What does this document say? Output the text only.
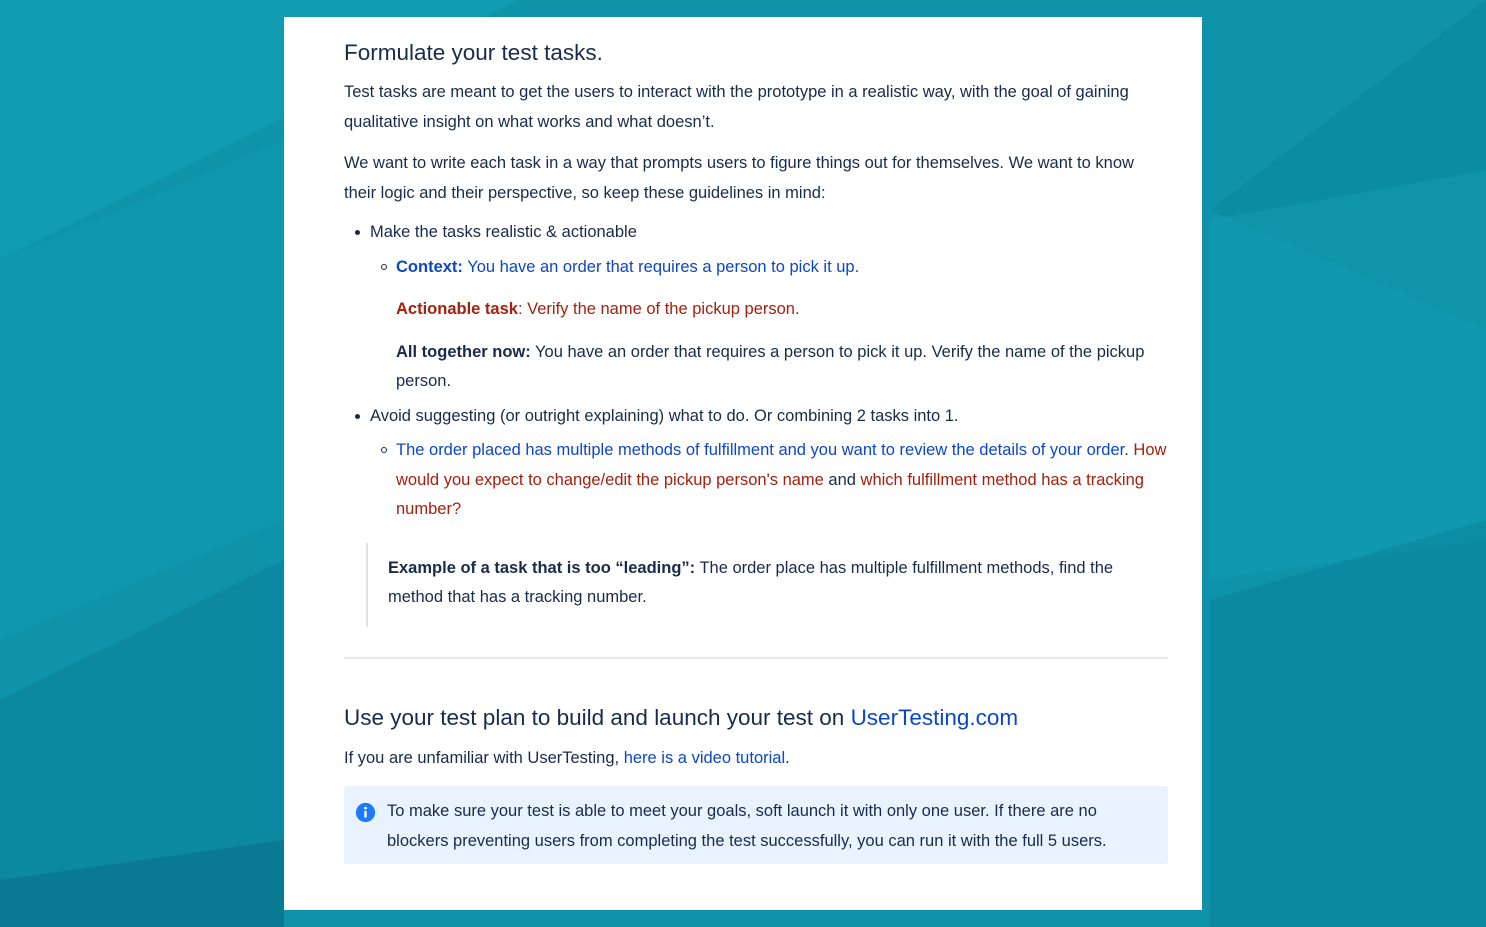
Formulate your test tasks.

Test tasks are meant to get the users to interact with the prototype in a realistic way, with the goal of gaining qualitative insight on what works and what doesn’t.

We want to write each task in a way that prompts users to figure things out for themselves. We want to know their logic and their perspective, so keep these guidelines in mind:

Make the tasks realistic & actionable

Context: You have an order that requires a person to pick it up.

Actionable task: Verify the name of the pickup person.

All together now: You have an order that requires a person to pick it up. Verify the name of the pickup person.

Avoid suggesting (or outright explaining) what to do. Or combining 2 tasks into 1.

The order placed has multiple methods of fulfillment and you want to review the details of your order. How would you expect to change/edit the pickup person's name and which fulfillment method has a tracking number?

Example of a task that is too “leading”: The order place has multiple fulfillment methods, find the method that has a tracking number.
Use your test plan to build and launch your test on UserTesting.com

If you are unfamiliar with UserTesting, here is a video tutorial.

To make sure your test is able to meet your goals, soft launch it with only one user. If there are no blockers preventing users from completing the test successfully, you can run it with the full 5 users.
